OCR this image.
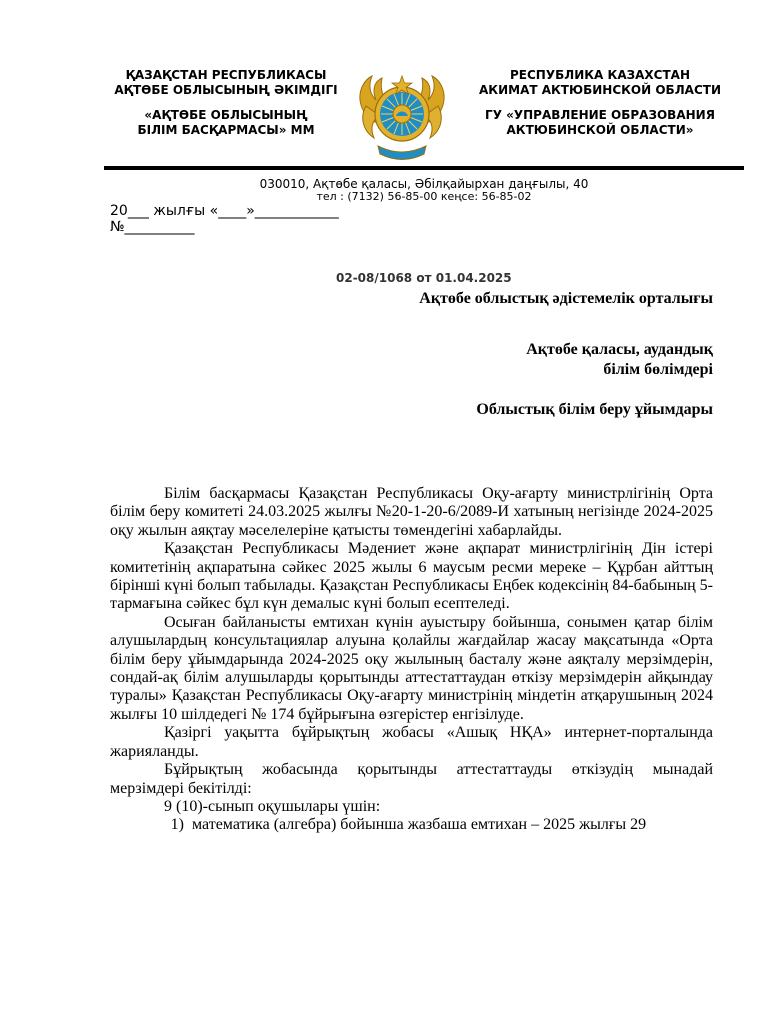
ҚАЗАҚСТАН РЕСПУБЛИКАСЫ
АҚТӨБЕ ОБЛЫСЫНЫҢ ӘКІМДІГІ
«АҚТӨБЕ ОБЛЫСЫНЫҢ
БІЛІМ БАСҚАРМАСЫ» ММ
РЕСПУБЛИКА КАЗАХСТАН
АКИМАТ АКТЮБИНСКОЙ ОБЛАСТИ
ГУ «УПРАВЛЕНИЕ ОБРАЗОВАНИЯ
АКТЮБИНСКОЙ ОБЛАСТИ»
030010, Ақтөбе қаласы, Әбілқайырхан даңғылы, 40
тел : (7132) 56-85-00 кеңсе: 56-85-02
20___ жылғы «____»____________
№__________
02-08/1068 от 01.04.2025
Ақтөбе облыстық әдістемелік орталығы
Ақтөбе қаласы, аудандық
білім бөлімдері
Облыстық білім беру ұйымдары

Білім басқармасы Қазақстан Республикасы Оқу-ағарту министрлігінің Орта білім беру комитеті 24.03.2025 жылғы №20-1-20-6/2089-И хатының негізінде 2024-2025 оқу жылын аяқтау мәселелеріне қатысты төмендегіні хабарлайды.

Қазақстан Республикасы Мәдениет және ақпарат министрлігінің Дін істері комитетінің ақпаратына сәйкес 2025 жылы 6 маусым ресми мереке – Құрбан айттың бірінші күні болып табылады. Қазақстан Республикасы Еңбек кодексінің 84-бабының 5-тармағына сәйкес бұл күн демалыс күні болып есептеледі.

Осыған байланысты емтихан күнін ауыстыру бойынша, сонымен қатар білім алушылардың консультациялар алуына қолайлы жағдайлар жасау мақсатында «Орта білім беру ұйымдарында 2024-2025 оқу жылының басталу және аяқталу мерзімдерін, сондай-ақ білім алушыларды қорытынды аттестаттаудан өткізу мерзімдерін айқындау туралы» Қазақстан Республикасы Оқу-ағарту министрінің міндетін атқарушының 2024 жылғы 10 шілдедегі № 174 бұйрығына өзгерістер енгізілуде.

Қазіргі уақытта бұйрықтың жобасы «Ашық НҚА» интернет-порталында жарияланды.

Бұйрықтың жобасында қорытынды аттестаттауды өткізудің мынадай мерзімдері бекітілді:

9 (10)-сынып оқушылары үшін:

1) математика (алгебра) бойынша жазбаша емтихан – 2025 жылғы 29
